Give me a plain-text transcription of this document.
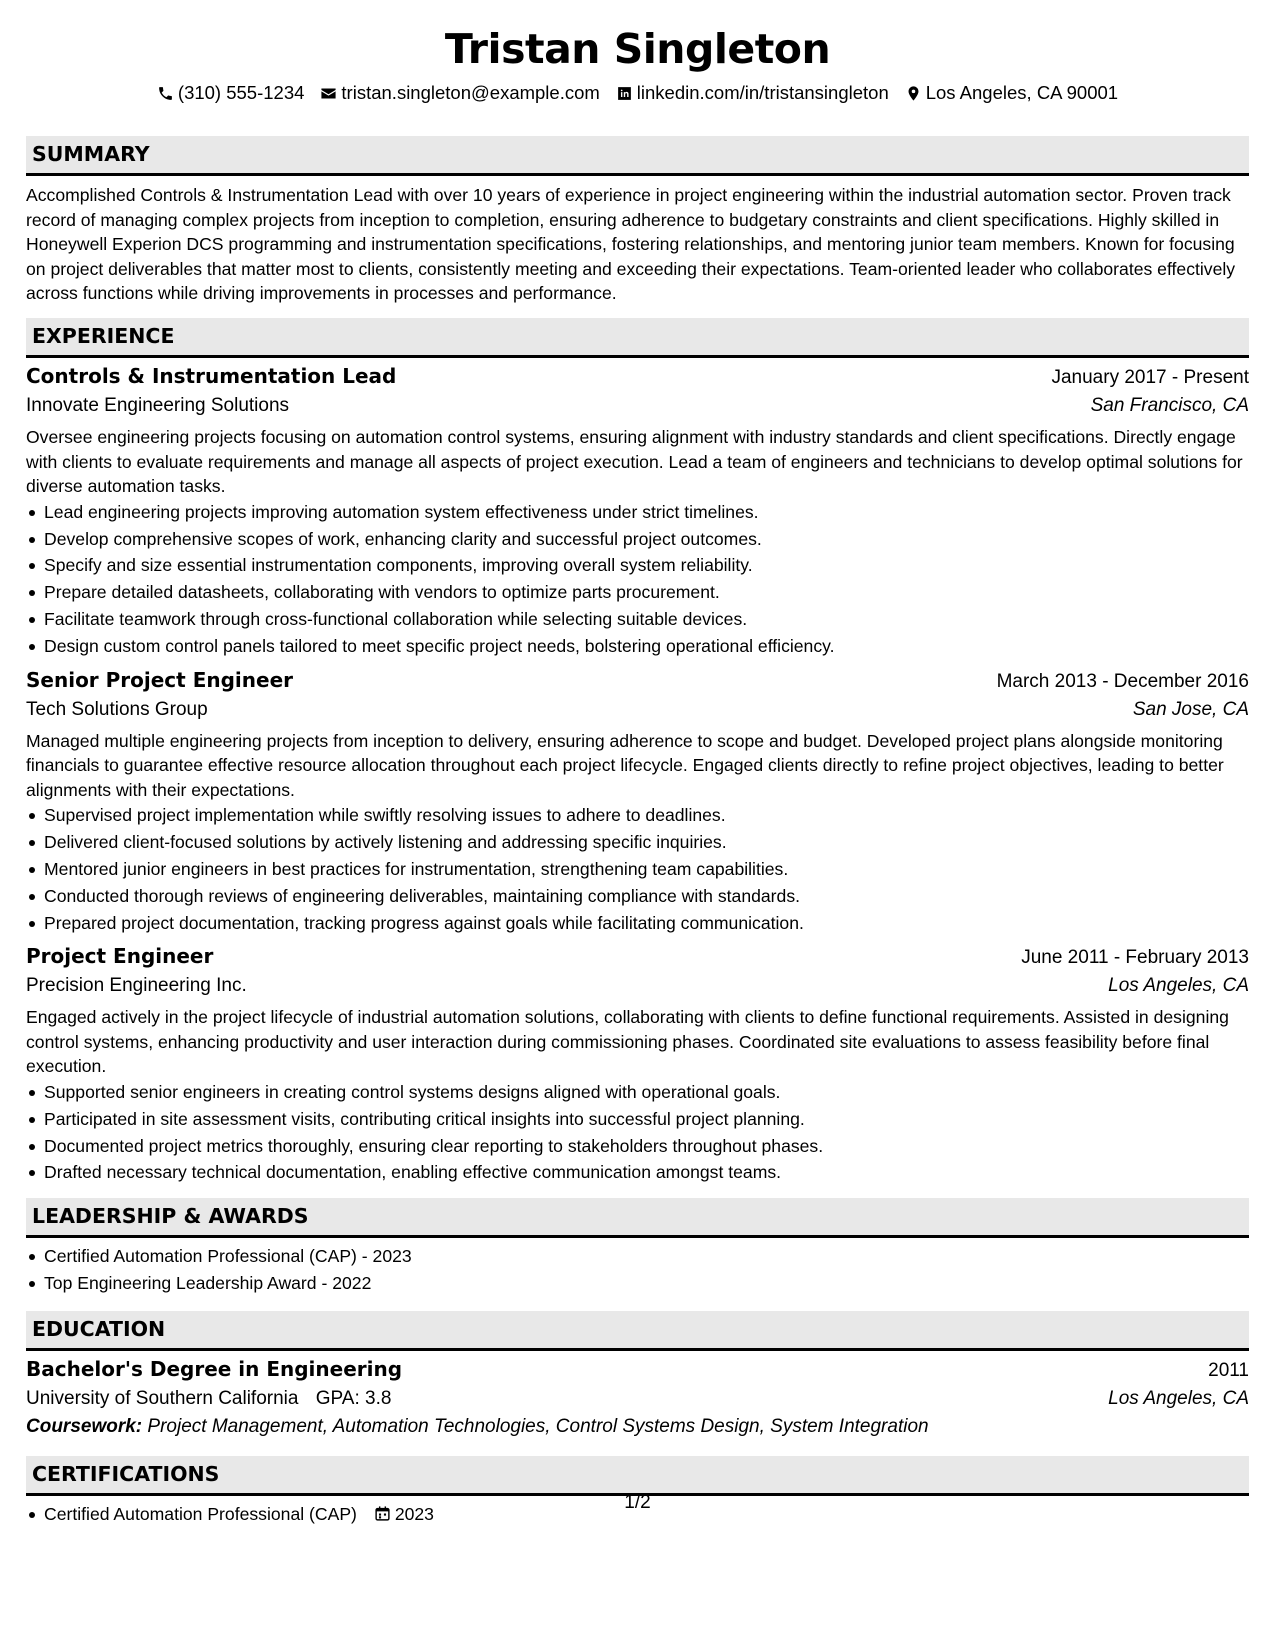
Tristan Singleton
(310) 555-1234 tristan.singleton@example.com linkedin.com/in/tristansingleton Los Angeles, CA 90001
SUMMARY

Accomplished Controls & Instrumentation Lead with over 10 years of experience in project engineering within the industrial automation sector. Proven track record of managing complex projects from inception to completion, ensuring adherence to budgetary constraints and client specifications. Highly skilled in Honeywell Experion DCS programming and instrumentation specifications, fostering relationships, and mentoring junior team members. Known for focusing on project deliverables that matter most to clients, consistently meeting and exceeding their expectations. Team-oriented leader who collaborates effectively across functions while driving improvements in processes and performance.

EXPERIENCE
Controls & Instrumentation Lead	January 2017 - Present
Innovate Engineering Solutions	San Francisco, CA

Oversee engineering projects focusing on automation control systems, ensuring alignment with industry standards and client specifications. Directly engage with clients to evaluate requirements and manage all aspects of project execution. Lead a team of engineers and technicians to develop optimal solutions for diverse automation tasks.

Lead engineering projects improving automation system effectiveness under strict timelines.
Develop comprehensive scopes of work, enhancing clarity and successful project outcomes.
Specify and size essential instrumentation components, improving overall system reliability.
Prepare detailed datasheets, collaborating with vendors to optimize parts procurement.
Facilitate teamwork through cross-functional collaboration while selecting suitable devices.
Design custom control panels tailored to meet specific project needs, bolstering operational efficiency.
Senior Project Engineer	March 2013 - December 2016
Tech Solutions Group	San Jose, CA

Managed multiple engineering projects from inception to delivery, ensuring adherence to scope and budget. Developed project plans alongside monitoring financials to guarantee effective resource allocation throughout each project lifecycle. Engaged clients directly to refine project objectives, leading to better alignments with their expectations.

Supervised project implementation while swiftly resolving issues to adhere to deadlines.
Delivered client-focused solutions by actively listening and addressing specific inquiries.
Mentored junior engineers in best practices for instrumentation, strengthening team capabilities.
Conducted thorough reviews of engineering deliverables, maintaining compliance with standards.
Prepared project documentation, tracking progress against goals while facilitating communication.
Project Engineer	June 2011 - February 2013
Precision Engineering Inc.	Los Angeles, CA

Engaged actively in the project lifecycle of industrial automation solutions, collaborating with clients to define functional requirements. Assisted in designing control systems, enhancing productivity and user interaction during commissioning phases. Coordinated site evaluations to assess feasibility before final execution.

Supported senior engineers in creating control systems designs aligned with operational goals.
Participated in site assessment visits, contributing critical insights into successful project planning.
Documented project metrics thoroughly, ensuring clear reporting to stakeholders throughout phases.
Drafted necessary technical documentation, enabling effective communication amongst teams.
LEADERSHIP & AWARDS
Certified Automation Professional (CAP) - 2023
Top Engineering Leadership Award - 2022
EDUCATION
Bachelor's Degree in Engineering	2011
University of Southern California GPA: 3.8	Los Angeles, CA
Coursework: Project Management, Automation Technologies, Control Systems Design, System Integration
CERTIFICATIONS
Certified Automation Professional (CAP) 2023
1/2
